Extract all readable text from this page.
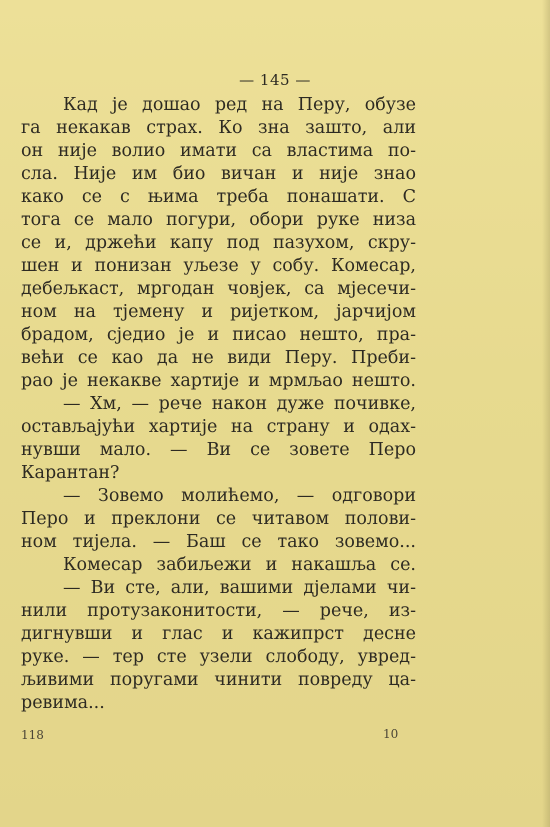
— 145 —
Кад је дошао ред на Перу, обузе
га некакав страх. Ко зна зашто, али
он није волио имати са властима по-
сла. Није им био вичан и није знао
како се с њима треба понашати. С
тога се мало погури, обори руке низа
се и, држећи капу под пазухом, скру-
шен и понизан уљезе у собу. Комесар,
дебељкаст, мргодан човјек, са мјесечи-
ном на тјемену и ријетком, јарчијом
брадом, сједио је и писао нешто, пра-
већи се као да не види Перу. Преби-
рао је некакве хартије и мрмљао нешто.
— Хм, — рече након дуже почивке,
остављајући хартије на страну и одах-
нувши мало. — Ви се зовете Перо
Карантан?
— Зовемо молићемо, — одговори
Перо и преклони се читавом полови-
ном тијела. — Баш се тако зовемо...
Комесар забиљежи и накашља се.
— Ви сте, али, вашими дјелами чи-
нили протузаконитости, — рече, из-
дигнувши и глас и кажипрст десне
руке. — тер сте узели слободу, увред-
љивими поругами чинити повреду ца-
ревима...
118	10
